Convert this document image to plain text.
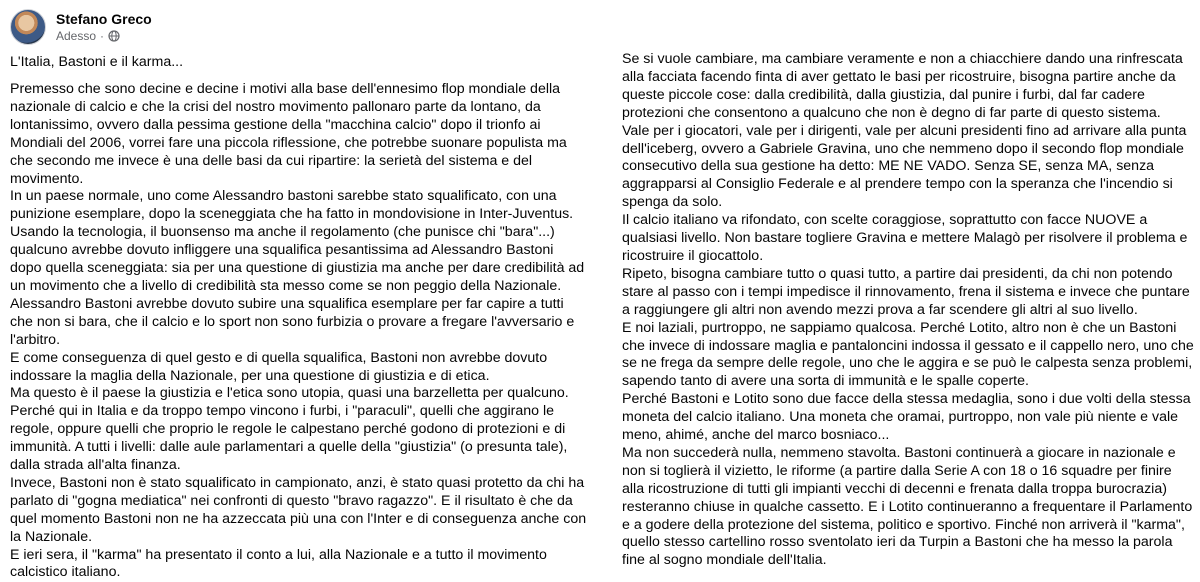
Stefano Greco
Adesso ·
L'Italia, Bastoni e il karma...
Premesso che sono decine e decine i motivi alla base dell'ennesimo flop mondiale della nazionale di calcio e che la crisi del nostro movimento pallonaro parte da lontano, da lontanissimo, ovvero dalla pessima gestione della "macchina calcio" dopo il trionfo ai Mondiali del 2006, vorrei fare una piccola riflessione, che potrebbe suonare populista ma che secondo me invece è una delle basi da cui ripartire: la serietà del sistema e del movimento.
In un paese normale, uno come Alessandro bastoni sarebbe stato squalificato, con una punizione esemplare, dopo la sceneggiata che ha fatto in mondovisione in Inter-Juventus.
Usando la tecnologia, il buonsenso ma anche il regolamento (che punisce chi "bara"...) qualcuno avrebbe dovuto infliggere una squalifica pesantissima ad Alessandro Bastoni dopo quella sceneggiata: sia per una questione di giustizia ma anche per dare credibilità ad un movimento che a livello di credibilità sta messo come se non peggio della Nazionale.
Alessandro Bastoni avrebbe dovuto subire una squalifica esemplare per far capire a tutti che non si bara, che il calcio e lo sport non sono furbizia o provare a fregare l'avversario e l'arbitro.
E come conseguenza di quel gesto e di quella squalifica, Bastoni non avrebbe dovuto indossare la maglia della Nazionale, per una questione di giustizia e di etica.
Ma questo è il paese la giustizia e l'etica sono utopia, quasi una barzelletta per qualcuno.
Perché qui in Italia e da troppo tempo vincono i furbi, i "paraculi", quelli che aggirano le regole, oppure quelli che proprio le regole le calpestano perché godono di protezioni e di immunità. A tutti i livelli: dalle aule parlamentari a quelle della "giustizia" (o presunta tale), dalla strada all'alta finanza.
Invece, Bastoni non è stato squalificato in campionato, anzi, è stato quasi protetto da chi ha parlato di "gogna mediatica" nei confronti di questo "bravo ragazzo". E il risultato è che da quel momento Bastoni non ne ha azzeccata più una con l'Inter e di conseguenza anche con la Nazionale.
E ieri sera, il "karma" ha presentato il conto a lui, alla Nazionale e a tutto il movimento calcistico italiano.
Se si vuole cambiare, ma cambiare veramente e non a chiacchiere dando una rinfrescata alla facciata facendo finta di aver gettato le basi per ricostruire, bisogna partire anche da queste piccole cose: dalla credibilità, dalla giustizia, dal punire i furbi, dal far cadere protezioni che consentono a qualcuno che non è degno di far parte di questo sistema.
Vale per i giocatori, vale per i dirigenti, vale per alcuni presidenti fino ad arrivare alla punta dell'iceberg, ovvero a Gabriele Gravina, uno che nemmeno dopo il secondo flop mondiale consecutivo della sua gestione ha detto: ME NE VADO. Senza SE, senza MA, senza aggrapparsi al Consiglio Federale e al prendere tempo con la speranza che l'incendio si spenga da solo.
Il calcio italiano va rifondato, con scelte coraggiose, soprattutto con facce NUOVE a qualsiasi livello. Non bastare togliere Gravina e mettere Malagò per risolvere il problema e ricostruire il giocattolo.
Ripeto, bisogna cambiare tutto o quasi tutto, a partire dai presidenti, da chi non potendo stare al passo con i tempi impedisce il rinnovamento, frena il sistema e invece che puntare a raggiungere gli altri non avendo mezzi prova a far scendere gli altri al suo livello.
E noi laziali, purtroppo, ne sappiamo qualcosa. Perché Lotito, altro non è che un Bastoni che invece di indossare maglia e pantaloncini indossa il gessato e il cappello nero, uno che se ne frega da sempre delle regole, uno che le aggira e se può le calpesta senza problemi, sapendo tanto di avere una sorta di immunità e le spalle coperte.
Perché Bastoni e Lotito sono due facce della stessa medaglia, sono i due volti della stessa moneta del calcio italiano. Una moneta che oramai, purtroppo, non vale più niente e vale meno, ahimé, anche del marco bosniaco...
Ma non succederà nulla, nemmeno stavolta. Bastoni continuerà a giocare in nazionale e non si toglierà il vizietto, le riforme (a partire dalla Serie A con 18 o 16 squadre per finire alla ricostruzione di tutti gli impianti vecchi di decenni e frenata dalla troppa burocrazia) resteranno chiuse in qualche cassetto. E i Lotito continueranno a frequentare il Parlamento e a godere della protezione del sistema, politico e sportivo. Finché non arriverà il "karma", quello stesso cartellino rosso sventolato ieri da Turpin a Bastoni che ha messo la parola fine al sogno mondiale dell'Italia.
